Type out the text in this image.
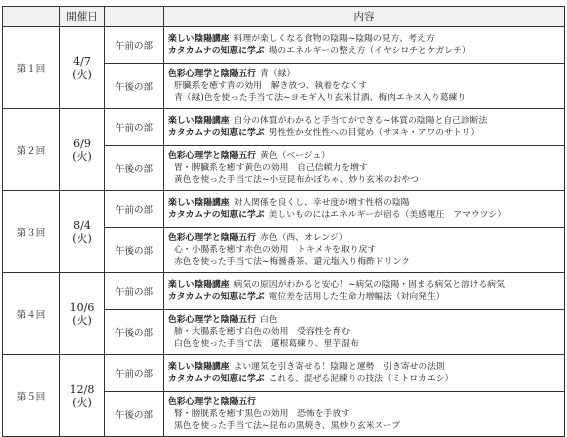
	開催日		内容
第１回	4/7
(火)	午前の部	楽しい陰陽講座 料理が楽しくなる食物の陰陽~陰陽の見方、考え方
カタカムナの知恵に学ぶ 場のエネルギーの整え方（イヤシロチとケガレチ）

		午後の部	色彩心理学と陰陽五行 青（緑）
肝臓系を癒す青の効用　解き放つ、執着をなくす
青（緑)色を使った手当て法~ヨモギ入り玄米甘酒、梅肉エキス入り葛練り

第２回	6/9
(火)	午前の部	楽しい陰陽講座 自分の体質がわかると手当てができる~体質の陰陽と自己診断法
カタカムナの知恵に学ぶ 男性性か女性性への目覚め（サヌキ・アワのサトリ）

		午後の部	色彩心理学と陰陽五行 黄色（ベージュ）
胃・脾臓系を癒す黄色の効用　自己信頼力を増す
黄色を使った手当て法~小豆昆布かぼちゃ、炒り玄米のおやつ

第３回	8/4
(火)	午前の部	楽しい陰陽講座 対人関係を良くし、幸せ度が増す性格の陰陽
カタカムナの知恵に学ぶ 美しいものにはエネルギーが宿る（美感電圧　アマウツシ）

		午後の部	色彩心理学と陰陽五行 赤色（西、オレンジ）
心・小腸系を癒す赤色の効用　トキメキを取り戻す
赤色を使った手当て法~梅醤番茶、還元塩入り梅酢ドリンク

第４回	10/6
(火)	午前の部	楽しい陰陽講座 病気の原因がわかると安心！~病気の陰陽・固まる病気と溶ける病気
カタカムナの知恵に学ぶ 電位差を活用した生命力増幅法（対向発生）

		午後の部	色彩心理学と陰陽五行 白色
肺・大腸系を癒す白色の効用　受容性を育む
白色を使った手当て法　蓮根葛練り、里芋湿布

第５回	12/8
(火)	午前の部	楽しい陰陽講座 よい運気を引き寄せる！陰陽と運勢　引き寄せの法則
カタカムナの知恵に学ぶ これる、混ぜる泥練りの技法（ミトロカエシ）

		午後の部	色彩心理学と陰陽五行
腎・膀胱系を癒す黒色の効用　恐怖を手放す
黒色を使った手当て法~昆布の黒焼き、黒炒り玄米スープ
